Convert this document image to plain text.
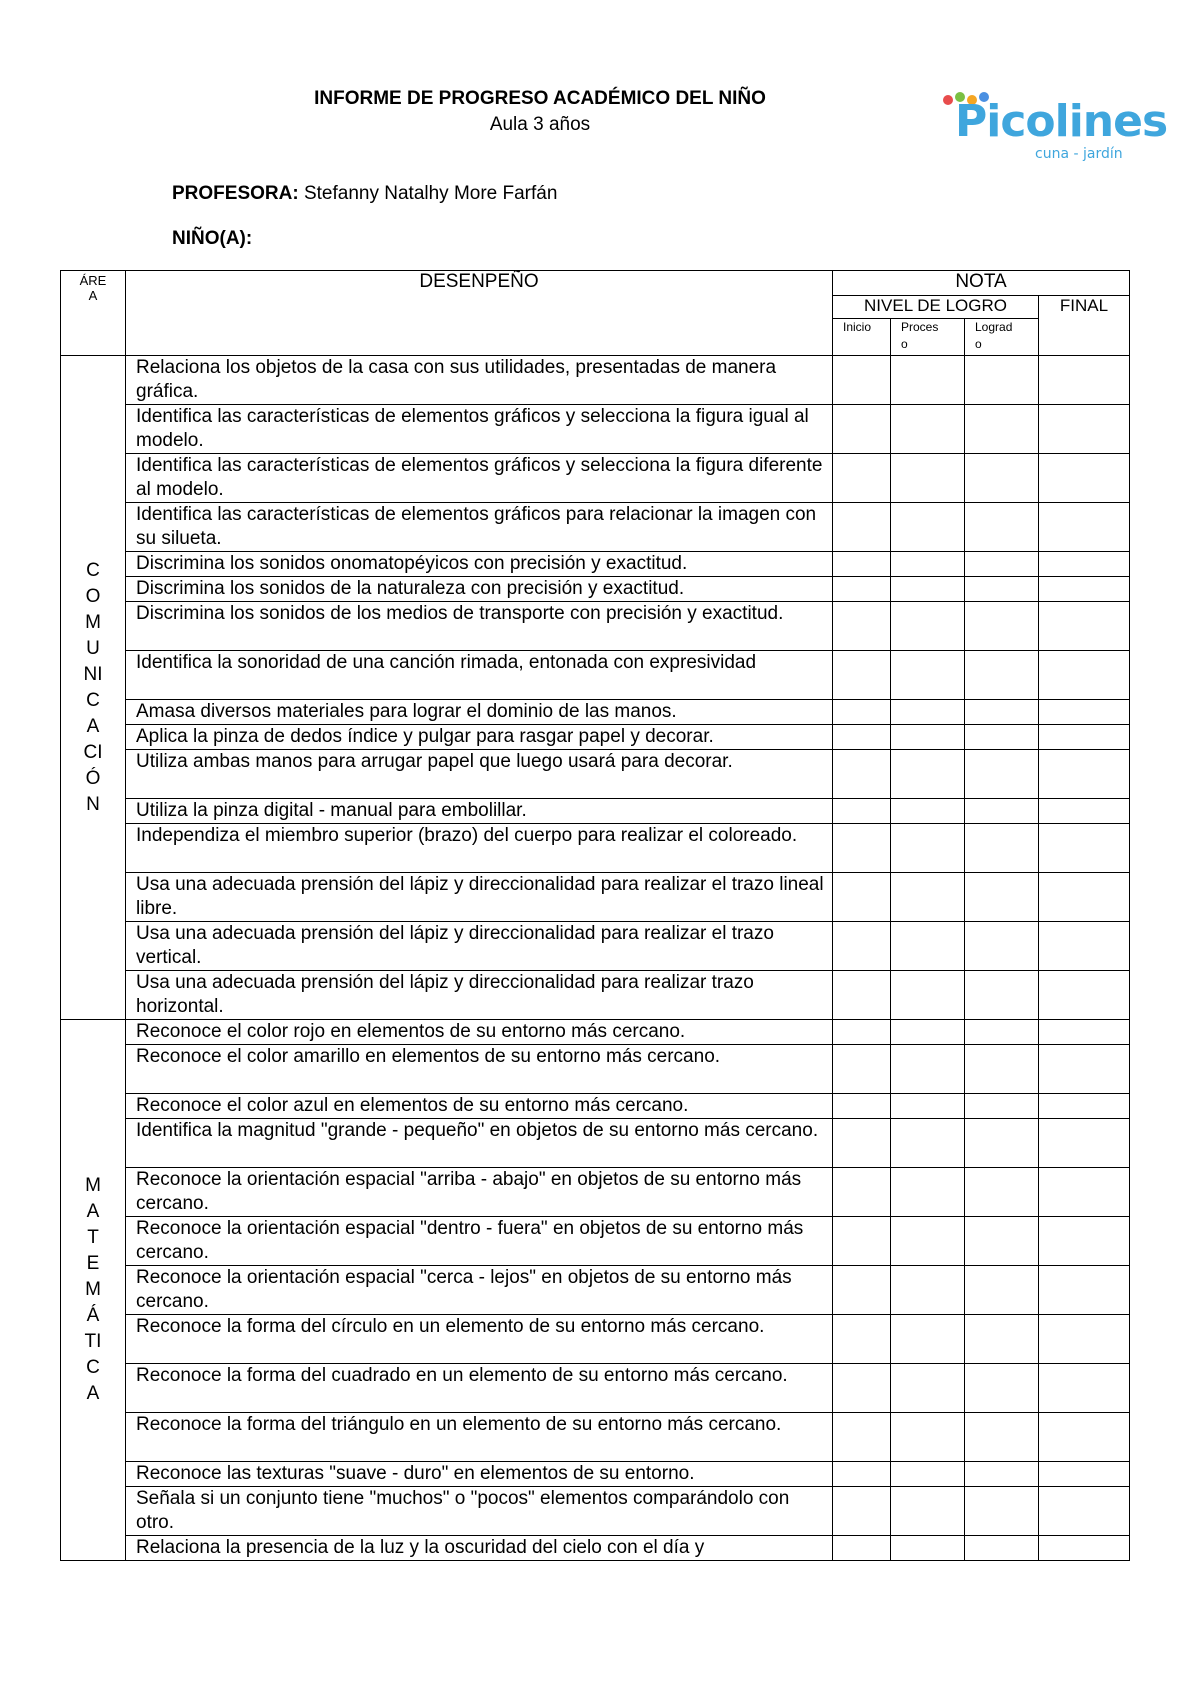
INFORME DE PROGRESO ACADÉMICO DEL NIÑO
Aula 3 años	Picolines
cuna - jardín
PROFESORA: Stefanny Natalhy More Farfán
NIÑO(A):
ÁREA	DESENPEÑO	NOTA			
		NIVEL DE LOGRO			FINAL

		Inicio	Proceso	Logrado	

COMUNICACIÓN	Relaciona los objetos de la casa con sus utilidades, presentadas de manera gráfica.				
	Identifica las características de elementos gráficos y selecciona la figura igual al modelo.				
	Identifica las características de elementos gráficos y selecciona la figura diferente al modelo.				
	Identifica las características de elementos gráficos para relacionar la imagen con su silueta.				
	Discrimina los sonidos onomatopéyicos con precisión y exactitud.				
	Discrimina los sonidos de la naturaleza con precisión y exactitud.				
	Discrimina los sonidos de los medios de transporte con precisión y exactitud.				
	Identifica la sonoridad de una canción rimada, entonada con expresividad				
	Amasa diversos materiales para lograr el dominio de las manos.				
	Aplica la pinza de dedos índice y pulgar para rasgar papel y decorar.				
	Utiliza ambas manos para arrugar papel que luego usará para decorar.				
	Utiliza la pinza digital - manual para embolillar.				
	Independiza el miembro superior (brazo) del cuerpo para realizar el coloreado.				
	Usa una adecuada prensión del lápiz y direccionalidad para realizar el trazo lineal libre.				
	Usa una adecuada prensión del lápiz y direccionalidad para realizar el trazo vertical.				
	Usa una adecuada prensión del lápiz y direccionalidad para realizar trazo horizontal.				

MATEMÁTICA	Reconoce el color rojo en elementos de su entorno más cercano.				
	Reconoce el color amarillo en elementos de su entorno más cercano.				
	Reconoce el color azul en elementos de su entorno más cercano.				
	Identifica la magnitud "grande - pequeño" en objetos de su entorno más cercano.				
	Reconoce la orientación espacial "arriba - abajo" en objetos de su entorno más cercano.				
	Reconoce la orientación espacial "dentro - fuera" en objetos de su entorno más cercano.				
	Reconoce la orientación espacial "cerca - lejos" en objetos de su entorno más cercano.				
	Reconoce la forma del círculo en un elemento de su entorno más cercano.				
	Reconoce la forma del cuadrado en un elemento de su entorno más cercano.				
	Reconoce la forma del triángulo en un elemento de su entorno más cercano.				
	Reconoce las texturas "suave - duro" en elementos de su entorno.				
	Señala si un conjunto tiene "muchos" o "pocos" elementos comparándolo con otro.				
	Relaciona la presencia de la luz y la oscuridad del cielo con el día y				
